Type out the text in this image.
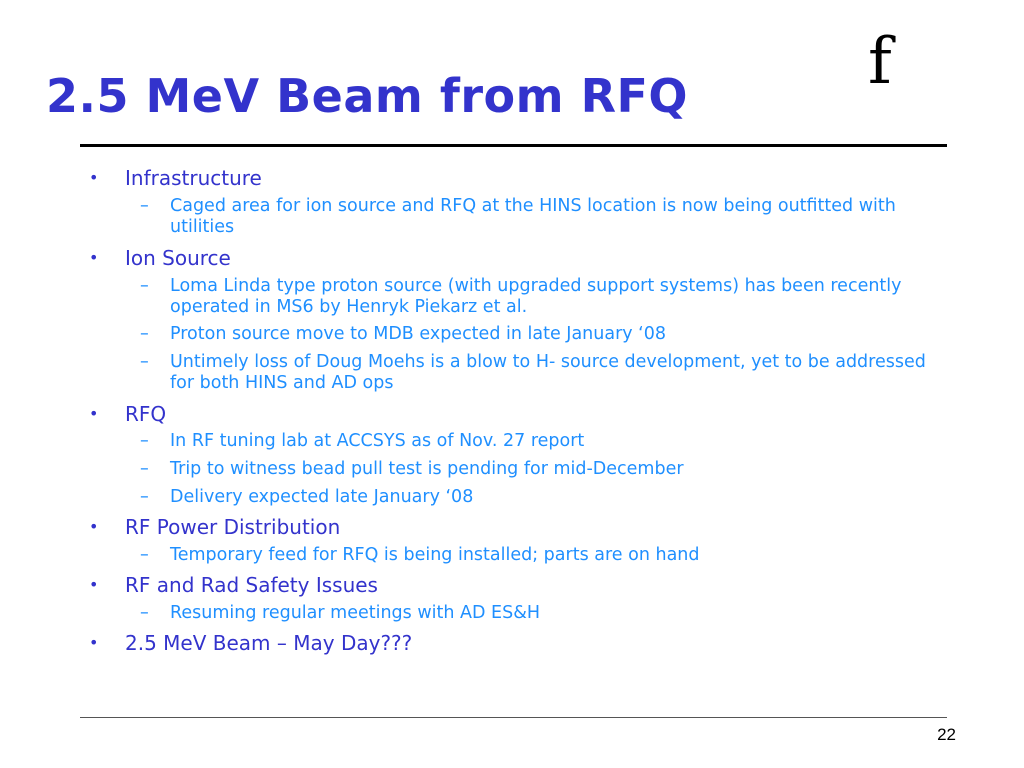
2.5 MeV Beam from RFQ	f
• Infrastructure
– Caged area for ion source and RFQ at the HINS location is now being outfitted with utilities
• Ion Source
– Loma Linda type proton source (with upgraded support systems) has been recently operated in MS6 by Henryk Piekarz et al.
– Proton source move to MDB expected in late January ‘08
– Untimely loss of Doug Moehs is a blow to H- source development, yet to be addressed for both HINS and AD ops
• RFQ
– In RF tuning lab at ACCSYS as of Nov. 27 report
– Trip to witness bead pull test is pending for mid-December
– Delivery expected late January ‘08
• RF Power Distribution
– Temporary feed for RFQ is being installed; parts are on hand
• RF and Rad Safety Issues
– Resuming regular meetings with AD ES&H
• 2.5 MeV Beam – May Day???
22
